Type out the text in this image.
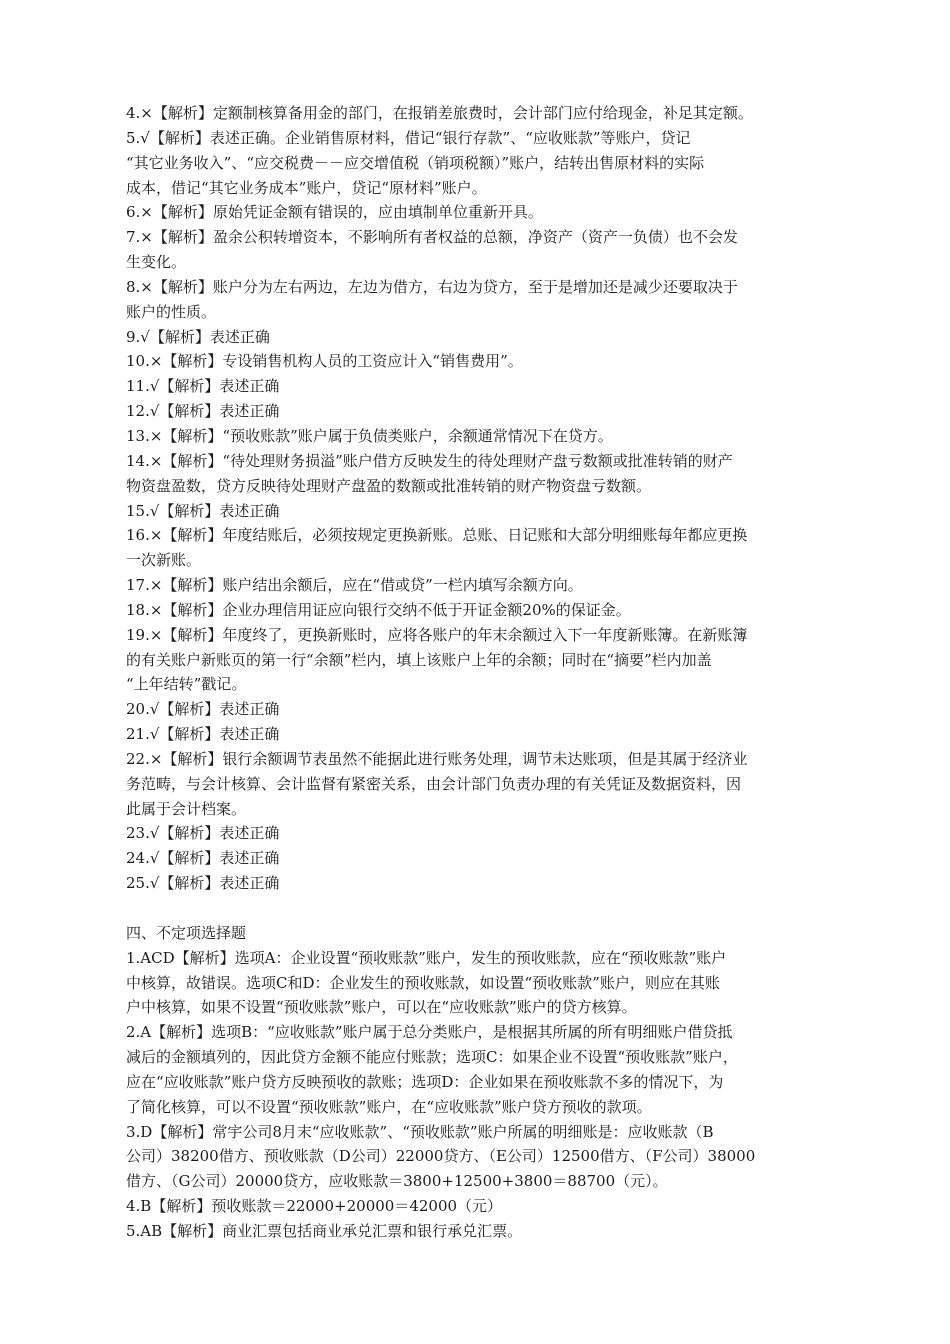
4.×【解析】定额制核算备用金的部门，在报销差旅费时，会计部门应付给现金，补足其定额。
5.√【解析】表述正确。企业销售原材料，借记“银行存款”、“应收账款”等账户，贷记
“其它业务收入”、“应交税费－－应交增值税（销项税额）”账户，结转出售原材料的实际
成本，借记“其它业务成本”账户，贷记“原材料”账户。
6.×【解析】原始凭证金额有错误的，应由填制单位重新开具。
7.×【解析】盈余公积转增资本，不影响所有者权益的总额，净资产（资产一负债）也不会发
生变化。
8.×【解析】账户分为左右两边，左边为借方，右边为贷方，至于是增加还是减少还要取决于
账户的性质。
9.√【解析】表述正确
10.×【解析】专设销售机构人员的工资应计入“销售费用”。
11.√【解析】表述正确
12.√【解析】表述正确
13.×【解析】“预收账款”账户属于负债类账户，余额通常情况下在贷方。
14.×【解析】“待处理财务损溢”账户借方反映发生的待处理财产盘亏数额或批准转销的财产
物资盘盈数，贷方反映待处理财产盘盈的数额或批准转销的财产物资盘亏数额。
15.√【解析】表述正确
16.×【解析】年度结账后，必须按规定更换新账。总账、日记账和大部分明细账每年都应更换
一次新账。
17.×【解析】账户结出余额后，应在“借或贷”一栏内填写余额方向。
18.×【解析】企业办理信用证应向银行交纳不低于开证金额20%的保证金。
19.×【解析】年度终了，更换新账时，应将各账户的年末余额过入下一年度新账簿。在新账簿
的有关账户新账页的第一行“余额”栏内，填上该账户上年的余额；同时在“摘要”栏内加盖
“上年结转”戳记。
20.√【解析】表述正确
21.√【解析】表述正确
22.×【解析】银行余额调节表虽然不能据此进行账务处理，调节未达账项，但是其属于经济业
务范畴，与会计核算、会计监督有紧密关系，由会计部门负责办理的有关凭证及数据资料，因
此属于会计档案。
23.√【解析】表述正确
24.√【解析】表述正确
25.√【解析】表述正确
四、不定项选择题
1.ACD【解析】选项A：企业设置“预收账款”账户，发生的预收账款，应在“预收账款”账户
中核算，故错误。选项C和D：企业发生的预收账款，如设置“预收账款”账户，则应在其账
户中核算，如果不设置“预收账款”账户，可以在“应收账款”账户的贷方核算。
2.A【解析】选项B：“应收账款”账户属于总分类账户，是根据其所属的所有明细账户借贷抵
减后的金额填列的，因此贷方金额不能应付账款；选项C：如果企业不设置“预收账款”账户，
应在“应收账款”账户贷方反映预收的款账；选项D：企业如果在预收账款不多的情况下，为
了简化核算，可以不设置“预收账款”账户，在“应收账款”账户贷方预收的款项。
3.D【解析】常宇公司8月末“应收账款”、“预收账款”账户所属的明细账是：应收账款（B
公司）38200借方、预收账款（D公司）22000贷方、（E公司）12500借方、（F公司）38000
借方、（G公司）20000贷方，应收账款＝3800+12500+3800＝88700（元）。
4.B【解析】预收账款＝22000+20000＝42000（元）
5.AB【解析】商业汇票包括商业承兑汇票和银行承兑汇票。
